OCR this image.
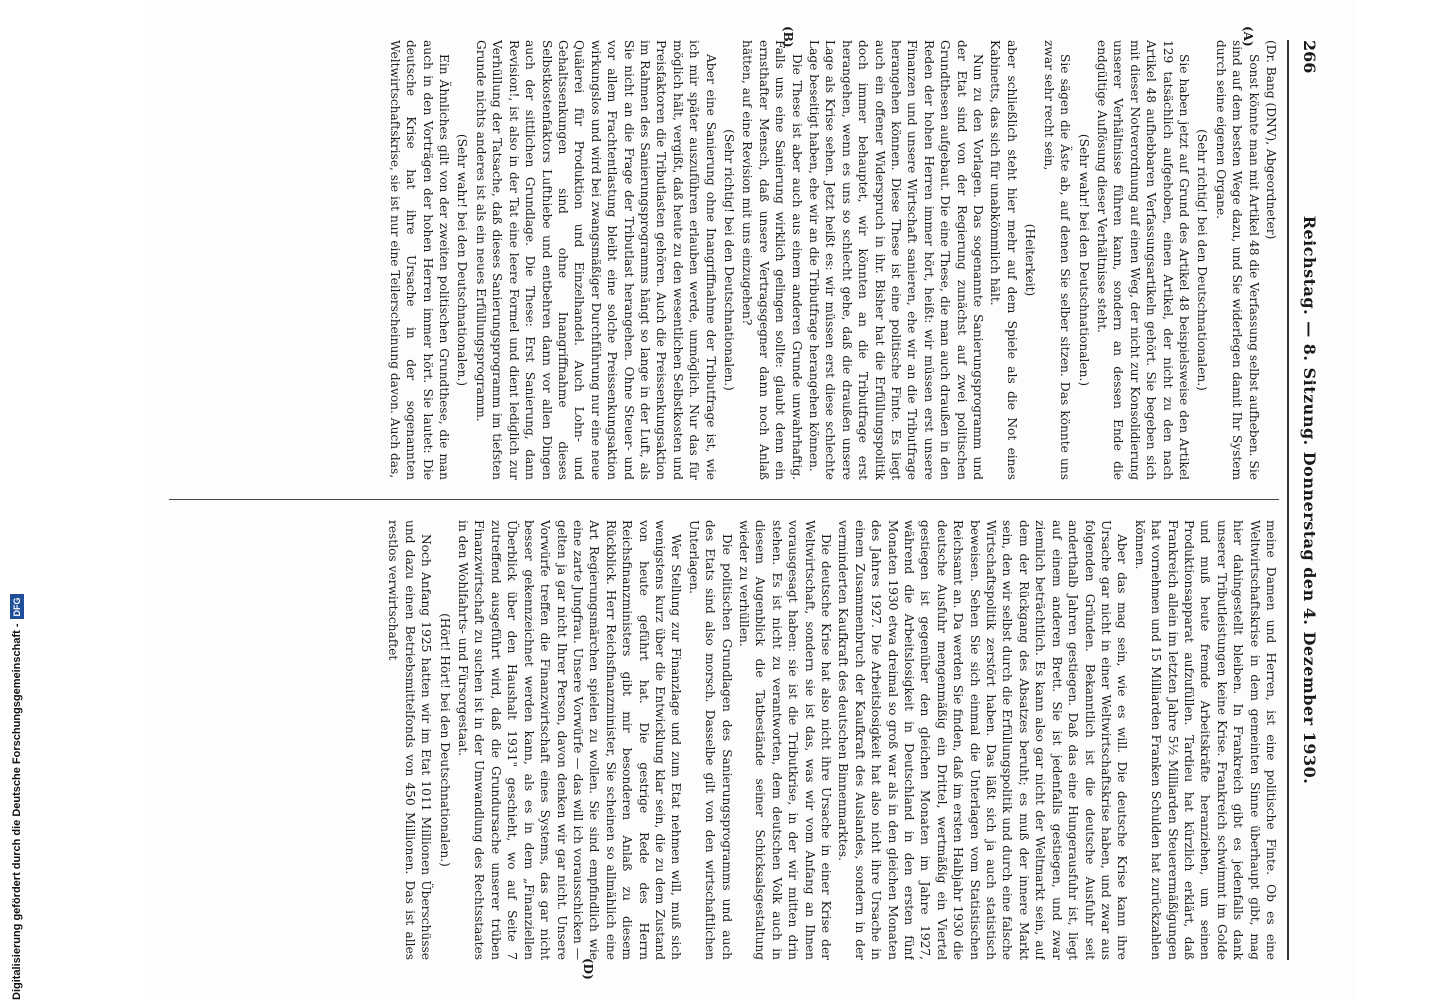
266
Reichstag. — 8. Sitzung. Donnerstag den 4. Dezember 1930.
(A)
(B)
(D)

(Dr. Bang (DNV), Abgeordneter)

Sonst könnte man mit Artikel 48 die Verfassung selbst aufheben. Sie sind auf dem besten Wege dazu, und Sie widerlegen damit Ihr System durch seine eigenen Organe.

(Sehr richtig! bei den Deutschnationalen.)

Sie haben jetzt auf Grund des Artikel 48 beispielsweise den Artikel 129 tatsächlich aufgehoben, einen Artikel, der nicht zu den nach Artikel 48 aufhebbaren Verfassungsartikeln gehört. Sie begeben sich mit dieser Notverordnung auf einen Weg, der nicht zur Konsolidierung unserer Verhältnisse führen kann, sondern an dessen Ende die endgültige Auflösung dieser Verhältnisse steht.

(Sehr wahr! bei den Deutschnationalen.)

Sie sägen die Äste ab, auf denen Sie selber sitzen. Das könnte uns zwar sehr recht sein,

(Heiterkeit)

aber schließlich steht hier mehr auf dem Spiele als die Not eines Kabinetts, das sich für unabkömmlich hält.

Nun zu den Vorlagen. Das sogenannte Sanierungsprogramm und der Etat sind von der Regierung zunächst auf zwei politischen Grundthesen aufgebaut. Die eine These, die man auch draußen in den Reden der hohen Herren immer hört, heißt: wir müssen erst unsere Finanzen und unsere Wirtschaft sanieren, ehe wir an die Tributfrage herangehen können. Diese These ist eine politische Finte. Es liegt auch ein offener Widerspruch in ihr. Bisher hat die Erfüllungspolitik doch immer behauptet, wir könnten an die Tributfrage erst herangehen, wenn es uns so schlecht gehe, daß die draußen unsere Lage als Krise sehen. Jetzt heißt es: wir müssen erst diese schlechte Lage beseitigt haben, ehe wir an die Tributfrage herangehen können.

Die These ist aber auch aus einem anderen Grunde unwahrhaftig. Falls uns eine Sanierung wirklich gelingen sollte: glaubt denn ein ernsthafter Mensch, daß unsere Vertragsgegner dann noch Anlaß hätten, auf eine Revision mit uns einzugehen?

(Sehr richtig! bei den Deutschnationalen.)

Aber eine Sanierung ohne Inangriffnahme der Tributfrage ist, wie ich mir später auszuführen erlauben werde, unmöglich. Nur das für möglich hält, vergißt, daß heute zu den wesentlichen Selbstkosten und Preisfaktoren die Tributlasten gehören. Auch die Preissenkungsaktion im Rahmen des Sanierungsprogramms hängt so lange in der Luft, als Sie nicht an die Frage der Tributlast herangehen. Ohne Steuer- und vor allem Frachtentlastung bleibt eine solche Preissenkungsaktion wirkungslos und wird bei zwangsmäßiger Durchführung nur eine neue Quälerei für Produktion und Einzelhandel. Auch Lohn- und Gehaltssenkungen sind ohne Inangriffnahme dieses Selbstkostenfaktors Lufthiebe und entbehren dann vor allen Dingen auch der sittlichen Grundlage. Die These: Erst Sanierung, dann Revision!, ist also in der Tat eine leere Formel und dient lediglich zur Verhüllung der Tatsache, daß dieses Sanierungsprogramm im tiefsten Grunde nichts anderes ist als ein neues Erfüllungsprogramm.

(Sehr wahr! bei den Deutschnationalen.)

Ein Ähnliches gilt von der zweiten politischen Grundthese, die man auch in den Vorträgen der hohen Herren immer hört. Sie lautet: Die deutsche Krise hat ihre Ursache in der sogenannten Weltwirtschaftskrise, sie ist nur eine Teilerscheinung davon. Auch das,

meine Damen und Herren, ist eine politische Finte. Ob es eine Weltwirtschaftskrise in dem gemeinten Sinne überhaupt gibt, mag hier dahingestellt bleiben. In Frankreich gibt es jedenfalls dank unserer Tributleistungen keine Krise. Frankreich schwimmt im Golde und muß heute fremde Arbeitskräfte heranziehen, um seinen Produktionsapparat aufzufüllen. Tardieu hat kürzlich erklärt, daß Frankreich allein im letzten Jahre 5½ Milliarden Steuerermäßigungen hat vornehmen und 15 Milliarden Franken Schulden hat zurückzahlen können.

Aber das mag sein, wie es will. Die deutsche Krise kann ihre Ursache gar nicht in einer Weltwirtschaftskrise haben, und zwar aus folgenden Gründen. Bekanntlich ist die deutsche Ausfuhr seit anderthalb Jahren gestiegen. Daß das eine Hungerausfuhr ist, liegt auf einem anderen Brett. Sie ist jedenfalls gestiegen, und zwar ziemlich beträchtlich. Es kann also gar nicht der Weltmarkt sein, auf dem der Rückgang des Absatzes beruht; es muß der innere Markt sein, den wir selbst durch die Erfüllungspolitik und durch eine falsche Wirtschaftspolitik zerstört haben. Das läßt sich ja auch statistisch beweisen. Sehen Sie sich einmal die Unterlagen vom Statistischen Reichsamt an. Da werden Sie finden, daß im ersten Halbjahr 1930 die deutsche Ausfuhr mengenmäßig ein Drittel, wertmäßig ein Viertel gestiegen ist gegenüber den gleichen Monaten im Jahre 1927, während die Arbeitslosigkeit in Deutschland in den ersten fünf Monaten 1930 etwa dreimal so groß war als in den gleichen Monaten des Jahres 1927. Die Arbeitslosigkeit hat also nicht ihre Ursache in einem Zusammenbruch der Kaufkraft des Auslandes, sondern in der verminderten Kaufkraft des deutschen Binnenmarktes.

Die deutsche Krise hat also nicht ihre Ursache in einer Krise der Weltwirtschaft, sondern sie ist das, was wir vom Anfang an Ihnen vorausgesagt haben: sie ist die Tributkrise, in der wir mitten drin stehen. Es ist nicht zu verantworten, dem deutschen Volk auch in diesem Augenblick die Tatbestände seiner Schicksalsgestaltung wieder zu verhüllen.

Die politischen Grundlagen des Sanierungsprogramms und auch des Etats sind also morsch. Dasselbe gilt von den wirtschaftlichen Unterlagen.

Wer Stellung zur Finanzlage und zum Etat nehmen will, muß sich wenigstens kurz über die Entwicklung klar sein, die zu dem Zustand von heute geführt hat. Die gestrige Rede des Herrn Reichsfinanzministers gibt mir besonderen Anlaß zu diesem Rückblick. Herr Reichsfinanzminister, Sie scheinen so allmählich eine Art Regierungsmärchen spielen zu wollen. Sie sind empfindlich wie eine zarte Jungfrau. Unsere Vorwürfe — das will ich vorausschicken — gelten ja gar nicht Ihrer Person, davon denken wir gar nicht. Unsere Vorwürfe treffen die Finanzwirtschaft eines Systems, das gar nicht besser gekennzeichnet werden kann, als es in dem „Finanziellen Überblick über den Haushalt 1931" geschieht, wo auf Seite 7 zutreffend ausgeführt wird, daß die Grundursache unserer trüben Finanzwirtschaft zu suchen ist in der Umwandlung des Rechtsstaates in den Wohlfahrts- und Fürsorgestaat.

(Hört! Hört! bei den Deutschnationalen.)

Noch Anfang 1925 hatten wir im Etat 1011 Millionen Überschüsse und dazu einen Betriebsmittelfonds von 450 Millionen. Das ist alles restlos verwirtschaftet

Digitalisierung gefördert durch die Deutsche Forschungsgemeinschaft -DFG
